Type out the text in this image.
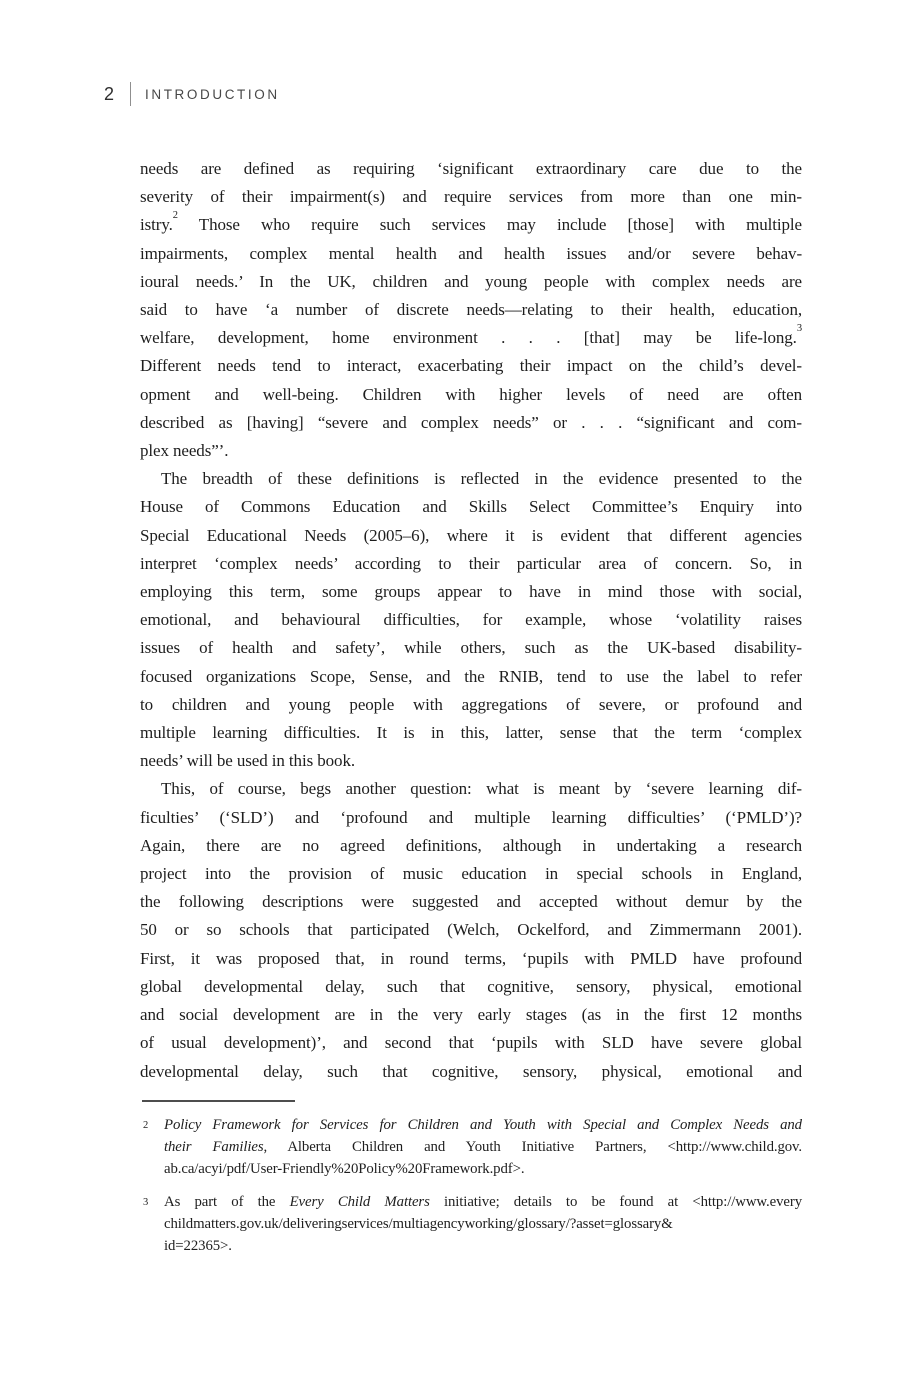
2 INTRODUCTION
needs are defined as requiring ‘significant extraordinary care due to the
severity of their impairment(s) and require services from more than one min-
istry.$^2$ Those who require such services may include [those] with multiple
impairments, complex mental health and health issues and/or severe behav-
ioural needs.’ In the UK, children and young people with complex needs are
said to have ‘a number of discrete needs—relating to their health, education,
welfare, development, home environment . . . [that] may be life-long.$^3$
Different needs tend to interact, exacerbating their impact on the child’s devel-
opment and well-being. Children with higher levels of need are often
described as [having] “severe and complex needs” or . . . “significant and com-
plex needs”’.
The breadth of these definitions is reflected in the evidence presented to the
House of Commons Education and Skills Select Committee’s Enquiry into
Special Educational Needs (2005–6), where it is evident that different agencies
interpret ‘complex needs’ according to their particular area of concern. So, in
employing this term, some groups appear to have in mind those with social,
emotional, and behavioural difficulties, for example, whose ‘volatility raises
issues of health and safety’, while others, such as the UK-based disability-
focused organizations Scope, Sense, and the RNIB, tend to use the label to refer
to children and young people with aggregations of severe, or profound and
multiple learning difficulties. It is in this, latter, sense that the term ‘complex
needs’ will be used in this book.
This, of course, begs another question: what is meant by ‘severe learning dif-
ficulties’ (‘SLD’) and ‘profound and multiple learning difficulties’ (‘PMLD’)?
Again, there are no agreed definitions, although in undertaking a research
project into the provision of music education in special schools in England,
the following descriptions were suggested and accepted without demur by the
50 or so schools that participated (Welch, Ockelford, and Zimmermann 2001).
First, it was proposed that, in round terms, ‘pupils with PMLD have profound
global developmental delay, such that cognitive, sensory, physical, emotional
and social development are in the very early stages (as in the first 12 months
of usual development)’, and second that ‘pupils with SLD have severe global
developmental delay, such that cognitive, sensory, physical, emotional and
2 Policy Framework for Services for Children and Youth with Special and Complex Needs and
their Families, Alberta Children and Youth Initiative Partners, <http://www.child.gov.
ab.ca/acyi/pdf/User-Friendly%20Policy%20Framework.pdf>.
3 As part of the Every Child Matters initiative; details to be found at <http://www.every
childmatters.gov.uk/deliveringservices/multiagencyworking/glossary/?asset=glossary&
id=22365>.
